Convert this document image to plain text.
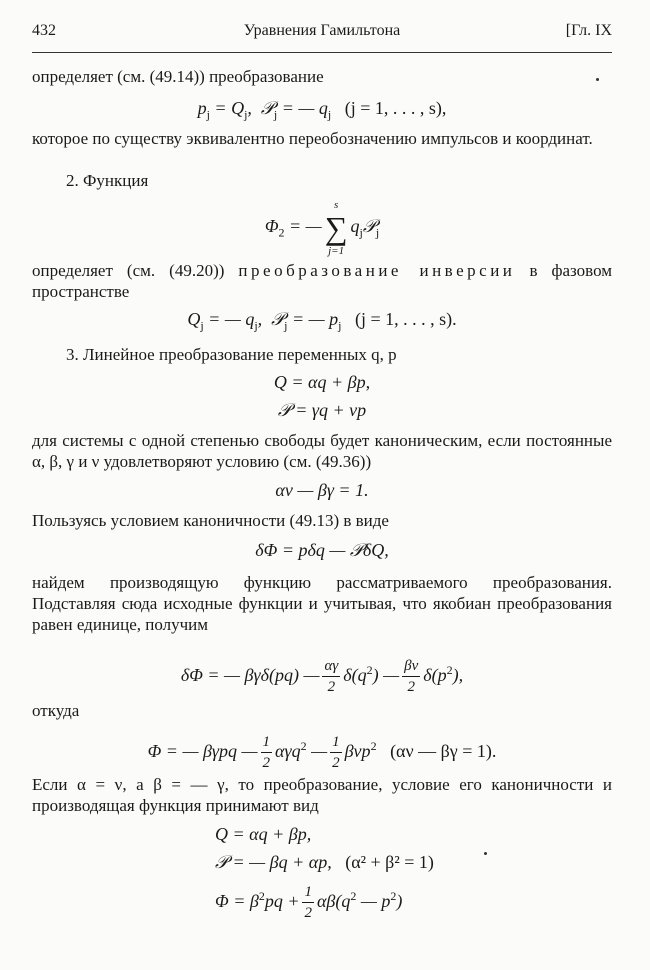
432	Уравнения Гамильтона	[Гл. IX
определяет (см. (49.14)) преобразование
$p_j = Q_j$,  𝒫$_j$ = — $q_j$ (j = 1, . . . , s),
которое по существу эквивалентно переобозначению импульсов и координат.
2. Функция
$\Phi_2$ = —
s
∑
j=1
$q_j𝒫_j$
определяет (см. (49.20)) преобразование инверсии в фазовом пространстве
$Q_j$ = — $q_j$,  𝒫$_j$ = — $p_j$ (j = 1, . . . , s).
3. Линейное преобразование переменных q, p
Q = αq + βp,
𝒫 = γq + νp
для системы с одной степенью свободы будет каноническим, если постоянные α, β, γ и ν удовлетворяют условию (см. (49.36))
αν — βγ = 1.
Пользуясь условием каноничности (49.13) в виде
δΦ = pδq — 𝒫δQ,
найдем производящую функцию рассматриваемого преобразования. Подставляя сюда исходные функции и учитывая, что якобиан преобразования равен единице, получим
δΦ = — βγδ(pq) — $\frac{\alpha\gamma}{2} \delta(q^2)$ — $\frac{\beta\nu}{2} \delta(p^2)$,
откуда
Φ = — βγpq — $\frac{1}{2} \alpha\gamma q^2$ — $\frac{1}{2} \beta\nu p^2$ (αν — βγ = 1).
Если α = ν, а β = — γ, то преобразование, условие его каноничности и производящая функция принимают вид
Q = αq + βp,
𝒫 = — βq + αp,   (α² + β² = 1)
$\Phi = \beta^2pq + \frac{1}{2} \alpha\beta(q^2$ — $p^2$)
